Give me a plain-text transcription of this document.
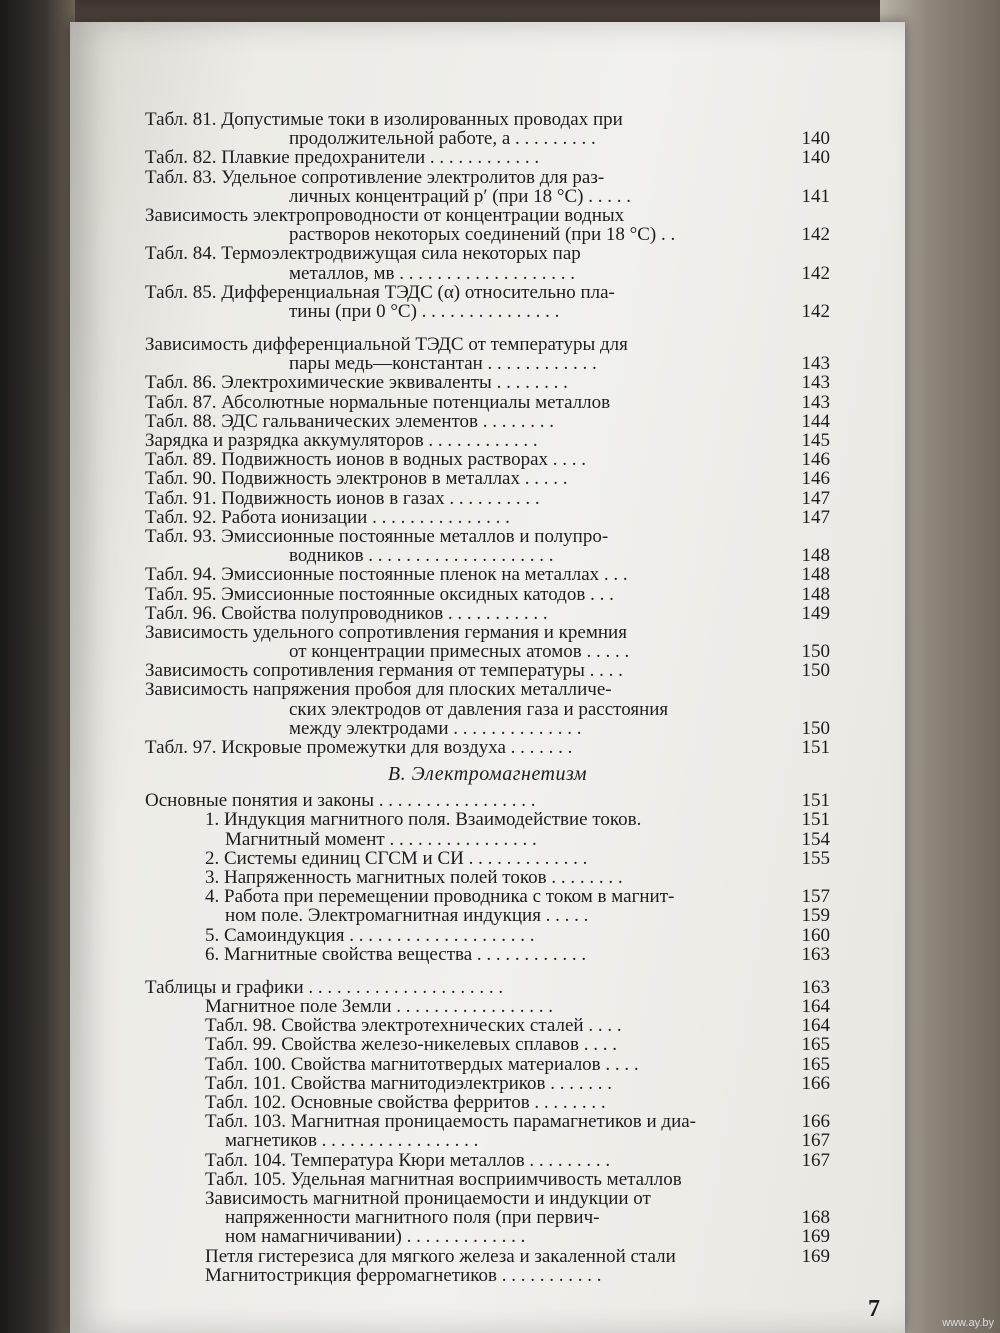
Табл. 81. Допустимые токи в изолированных проводах при
продолжительной работе, а . . . . . . . . .	140
Табл. 82. Плавкие предохранители . . . . . . . . . . . .	140
Табл. 83. Удельное сопротивление электролитов для раз-
личных концентраций p′ (при 18 °C) . . . . .	141
Зависимость электропроводности от концентрации водных
растворов некоторых соединений (при 18 °C) . .	142
Табл. 84. Термоэлектродвижущая сила некоторых пар
металлов, мв . . . . . . . . . . . . . . . . . . .	142
Табл. 85. Дифференциальная ТЭДС (α) относительно пла-
тины (при 0 °C) . . . . . . . . . . . . . . .	142
Зависимость дифференциальной ТЭДС от температуры для
пары медь—константан . . . . . . . . . . . .	143
Табл. 86. Электрохимические эквиваленты . . . . . . . .	143
Табл. 87. Абсолютные нормальные потенциалы металлов	143
Табл. 88. ЭДС гальванических элементов . . . . . . . .	144
Зарядка и разрядка аккумуляторов . . . . . . . . . . . .	145
Табл. 89. Подвижность ионов в водных растворах . . . .	146
Табл. 90. Подвижность электронов в металлах . . . . .	146
Табл. 91. Подвижность ионов в газах . . . . . . . . . .	147
Табл. 92. Работа ионизации . . . . . . . . . . . . . . .	147
Табл. 93. Эмиссионные постоянные металлов и полупро-
водников . . . . . . . . . . . . . . . . . . . .	148
Табл. 94. Эмиссионные постоянные пленок на металлах . . .	148
Табл. 95. Эмиссионные постоянные оксидных катодов . . .	148
Табл. 96. Свойства полупроводников . . . . . . . . . . .	149
Зависимость удельного сопротивления германия и кремния
от концентрации примесных атомов . . . . .	150
Зависимость сопротивления германия от температуры . . . .	150
Зависимость напряжения пробоя для плоских металличе-
ских электродов от давления газа и расстояния
между электродами . . . . . . . . . . . . . .	150
Табл. 97. Искровые промежутки для воздуха . . . . . . .	151
В. Электромагнетизм
Основные понятия и законы . . . . . . . . . . . . . . . . .	151
1. Индукция магнитного поля. Взаимодействие токов.	151
Магнитный момент . . . . . . . . . . . . . . . .	154
2. Системы единиц СГСМ и СИ . . . . . . . . . . . . .	155
3. Напряженность магнитных полей токов . . . . . . . .
4. Работа при перемещении проводника с током в магнит-	157
ном поле. Электромагнитная индукция . . . . .	159
5. Самоиндукция . . . . . . . . . . . . . . . . . . . .	160
6. Магнитные свойства вещества . . . . . . . . . . . .	163
Таблицы и графики . . . . . . . . . . . . . . . . . . . . .	163
Магнитное поле Земли . . . . . . . . . . . . . . . . .	164
Табл. 98. Свойства электротехнических сталей . . . .	164
Табл. 99. Свойства железо-никелевых сплавов . . . .	165
Табл. 100. Свойства магнитотвердых материалов . . . .	165
Табл. 101. Свойства магнитодиэлектриков . . . . . . .	166
Табл. 102. Основные свойства ферритов . . . . . . . .
Табл. 103. Магнитная проницаемость парамагнетиков и диа-	166
магнетиков . . . . . . . . . . . . . . . . .	167
Табл. 104. Температура Кюри металлов . . . . . . . . .	167
Табл. 105. Удельная магнитная восприимчивость металлов
Зависимость магнитной проницаемости и индукции от
напряженности магнитного поля (при первич-	168
ном намагничивании) . . . . . . . . . . . . .	169
Петля гистерезиса для мягкого железа и закаленной стали	169
Магнитострикция ферромагнетиков . . . . . . . . . . .
7
www.ay.by
